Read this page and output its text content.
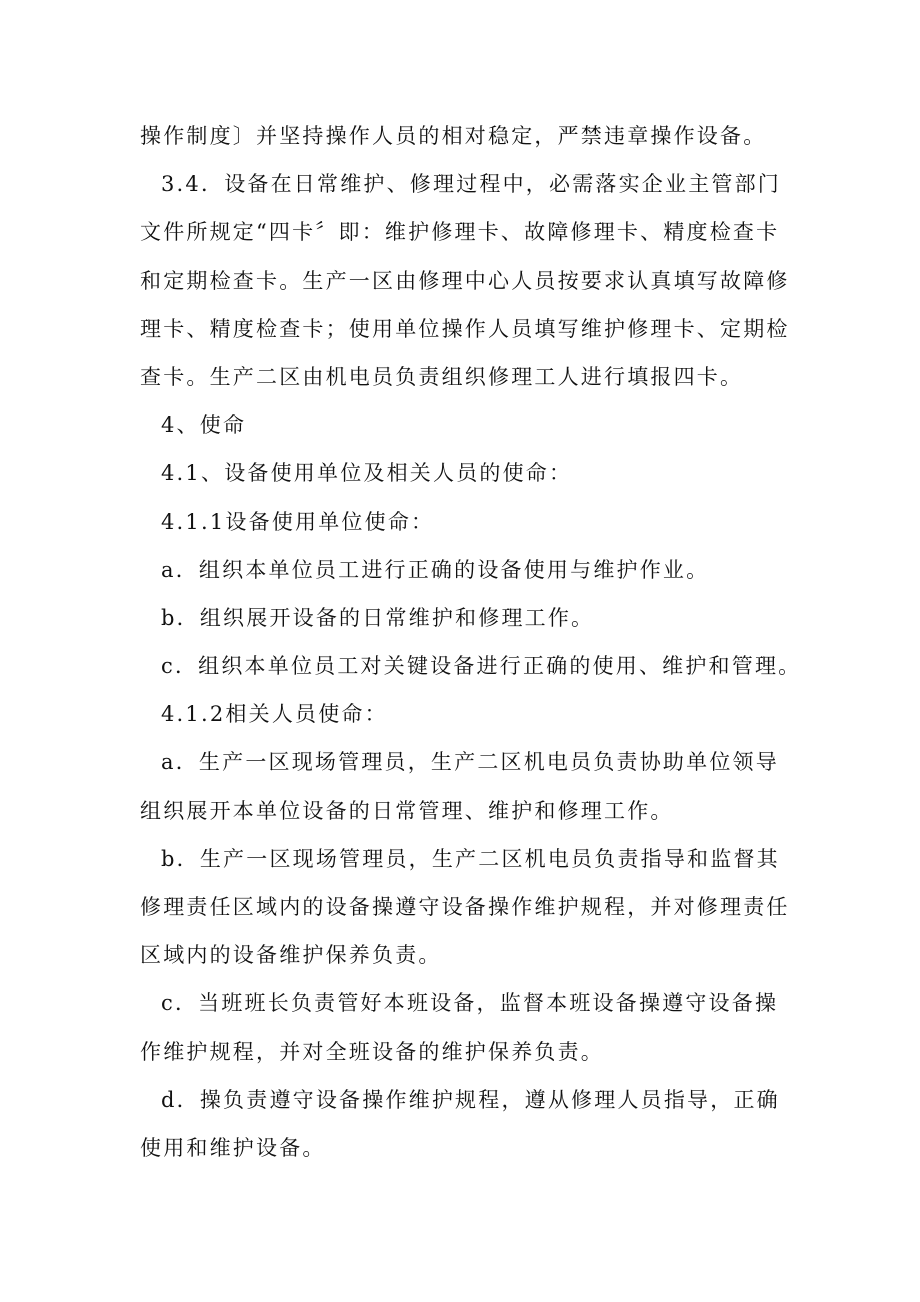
操作制度〕并坚持操作人员的相对稳定，严禁违章操作设备。

3.4．设备在日常维护、修理过程中，必需落实企业主管部门

文件所规定“四卡〞即：维护修理卡、故障修理卡、精度检查卡

和定期检查卡。生产一区由修理中心人员按要求认真填写故障修

理卡、精度检查卡；使用单位操作人员填写维护修理卡、定期检

查卡。生产二区由机电员负责组织修理工人进行填报四卡。

4、使命

4.1、设备使用单位及相关人员的使命：

4.1.1设备使用单位使命：

a．组织本单位员工进行正确的设备使用与维护作业。

b．组织展开设备的日常维护和修理工作。

c．组织本单位员工对关键设备进行正确的使用、维护和管理。

4.1.2相关人员使命：

a．生产一区现场管理员，生产二区机电员负责协助单位领导

组织展开本单位设备的日常管理、维护和修理工作。

b．生产一区现场管理员，生产二区机电员负责指导和监督其

修理责任区域内的设备操遵守设备操作维护规程，并对修理责任

区域内的设备维护保养负责。

c．当班班长负责管好本班设备，监督本班设备操遵守设备操

作维护规程，并对全班设备的维护保养负责。

d．操负责遵守设备操作维护规程，遵从修理人员指导，正确

使用和维护设备。
